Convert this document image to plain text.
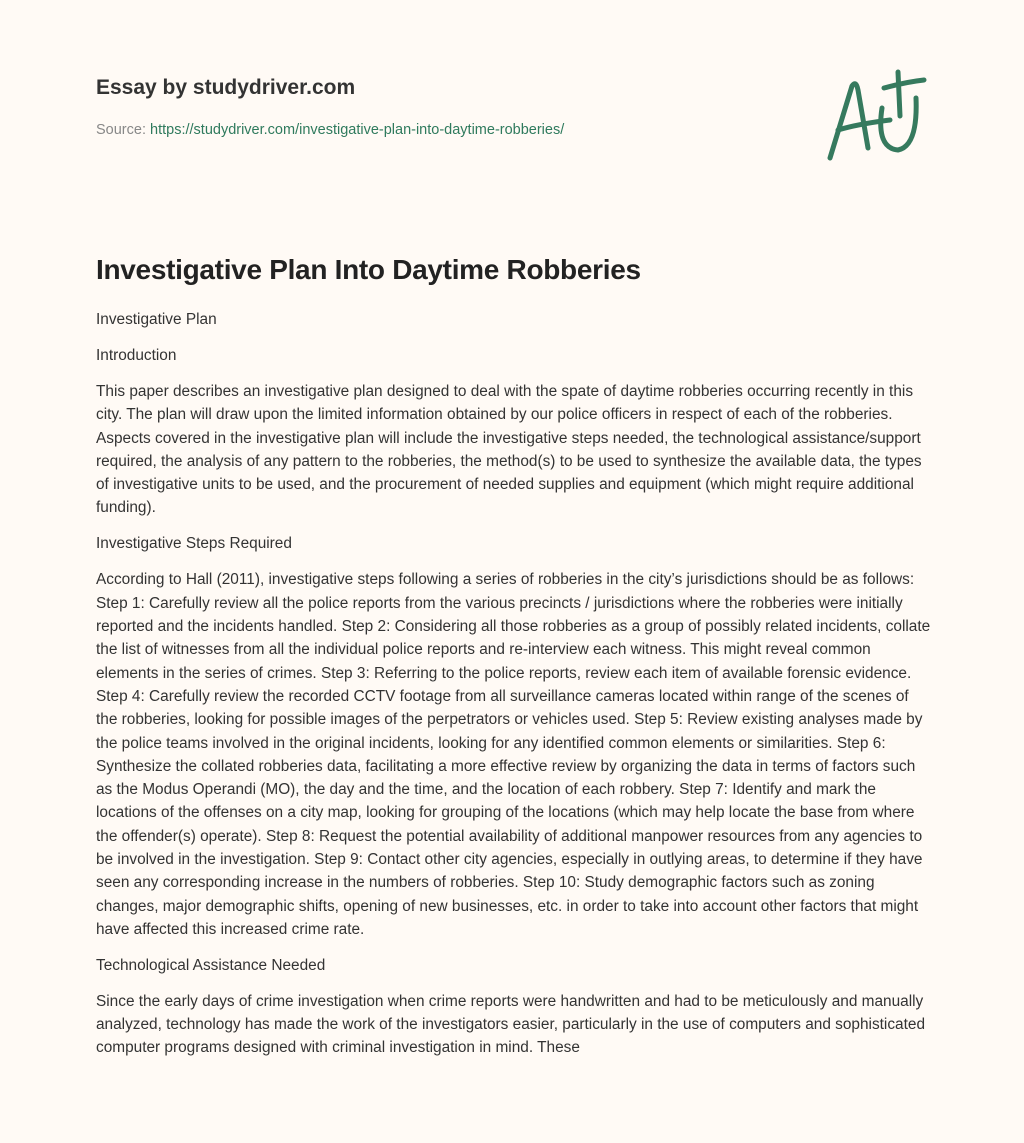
Essay by studydriver.com
Source: https://studydriver.com/investigative-plan-into-daytime-robberies/
Investigative Plan Into Daytime Robberies

Investigative Plan

Introduction

This paper describes an investigative plan designed to deal with the spate of daytime robberies occurring recently in this city. The plan will draw upon the limited information obtained by our police officers in respect of each of the robberies. Aspects covered in the investigative plan will include the investigative steps needed, the technological assistance/support required, the analysis of any pattern to the robberies, the method(s) to be used to synthesize the available data, the types of investigative units to be used, and the procurement of needed supplies and equipment (which might require additional funding).

Investigative Steps Required

According to Hall (2011), investigative steps following a series of robberies in the city’s jurisdictions should be as follows: Step 1: Carefully review all the police reports from the various precincts / jurisdictions where the robberies were initially reported and the incidents handled. Step 2: Considering all those robberies as a group of possibly related incidents, collate the list of witnesses from all the individual police reports and re-interview each witness. This might reveal common elements in the series of crimes. Step 3: Referring to the police reports, review each item of available forensic evidence. Step 4: Carefully review the recorded CCTV footage from all surveillance cameras located within range of the scenes of the robberies, looking for possible images of the perpetrators or vehicles used. Step 5: Review existing analyses made by the police teams involved in the original incidents, looking for any identified common elements or similarities. Step 6: Synthesize the collated robberies data, facilitating a more effective review by organizing the data in terms of factors such as the Modus Operandi (MO), the day and the time, and the location of each robbery. Step 7: Identify and mark the locations of the offenses on a city map, looking for grouping of the locations (which may help locate the base from where the offender(s) operate). Step 8: Request the potential availability of additional manpower resources from any agencies to be involved in the investigation. Step 9: Contact other city agencies, especially in outlying areas, to determine if they have seen any corresponding increase in the numbers of robberies. Step 10: Study demographic factors such as zoning changes, major demographic shifts, opening of new businesses, etc. in order to take into account other factors that might have affected this increased crime rate.

Technological Assistance Needed

Since the early days of crime investigation when crime reports were handwritten and had to be meticulously and manually analyzed, technology has made the work of the investigators easier, particularly in the use of computers and sophisticated computer programs designed with criminal investigation in mind. These
